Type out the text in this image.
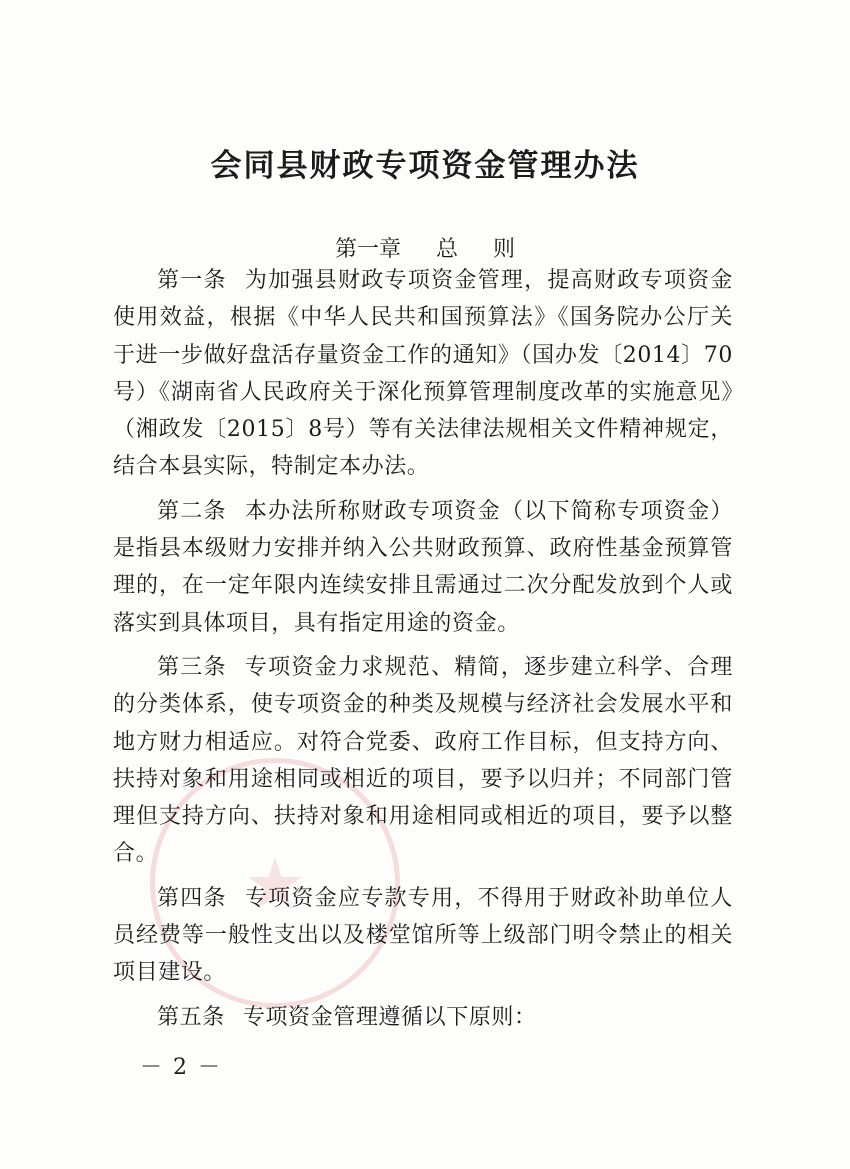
★
会同县财政专项资金管理办法
第一章 总 则

第一条 为加强县财政专项资金管理，提高财政专项资金使用效益，根据《中华人民共和国预算法》《国务院办公厅关于进一步做好盘活存量资金工作的通知》（国办发〔2014〕70号）《湖南省人民政府关于深化预算管理制度改革的实施意见》（湘政发〔2015〕8号）等有关法律法规相关文件精神规定，结合本县实际，特制定本办法。

第二条 本办法所称财政专项资金（以下简称专项资金）是指县本级财力安排并纳入公共财政预算、政府性基金预算管理的，在一定年限内连续安排且需通过二次分配发放到个人或落实到具体项目，具有指定用途的资金。

第三条 专项资金力求规范、精简，逐步建立科学、合理的分类体系，使专项资金的种类及规模与经济社会发展水平和地方财力相适应。对符合党委、政府工作目标，但支持方向、扶持对象和用途相同或相近的项目，要予以归并；不同部门管理但支持方向、扶持对象和用途相同或相近的项目，要予以整合。

第四条 专项资金应专款专用，不得用于财政补助单位人员经费等一般性支出以及楼堂馆所等上级部门明令禁止的相关项目建设。

第五条 专项资金管理遵循以下原则：

－ 2 －
